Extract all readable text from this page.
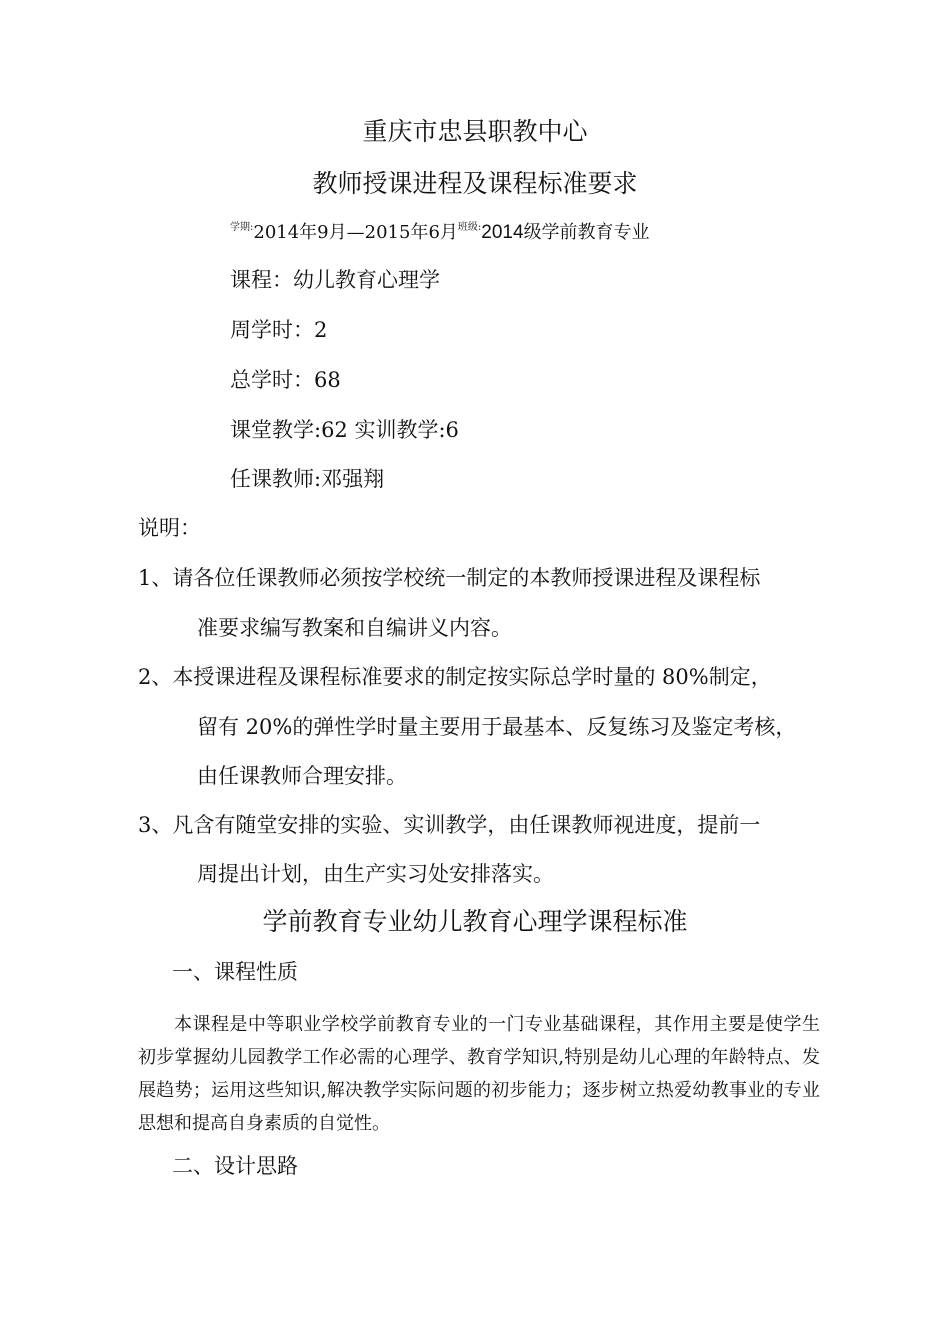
重庆市忠县职教中心
教师授课进程及课程标准要求
$^{学期:}$2014年9月—2015年6月$^{班级:}$2014级学前教育专业
课程：幼儿教育心理学
周学时：2
总学时：68
课堂教学:62 实训教学:6
任课教师:邓强翔
说明：
1、请各位任课教师必须按学校统一制定的本教师授课进程及课程标
准要求编写教案和自编讲义内容。
2、本授课进程及课程标准要求的制定按实际总学时量的 80%制定，
留有 20%的弹性学时量主要用于最基本、反复练习及鉴定考核，
由任课教师合理安排。
3、凡含有随堂安排的实验、实训教学，由任课教师视进度，提前一
周提出计划，由生产实习处安排落实。
学前教育专业幼儿教育心理学课程标准
一、课程性质
本课程是中等职业学校学前教育专业的一门专业基础课程，其作用主要是使学生初步掌握幼儿园教学工作必需的心理学、教育学知识,特别是幼儿心理的年龄特点、发展趋势；运用这些知识,解决教学实际问题的初步能力；逐步树立热爱幼教事业的专业思想和提高自身素质的自觉性。
二、设计思路
